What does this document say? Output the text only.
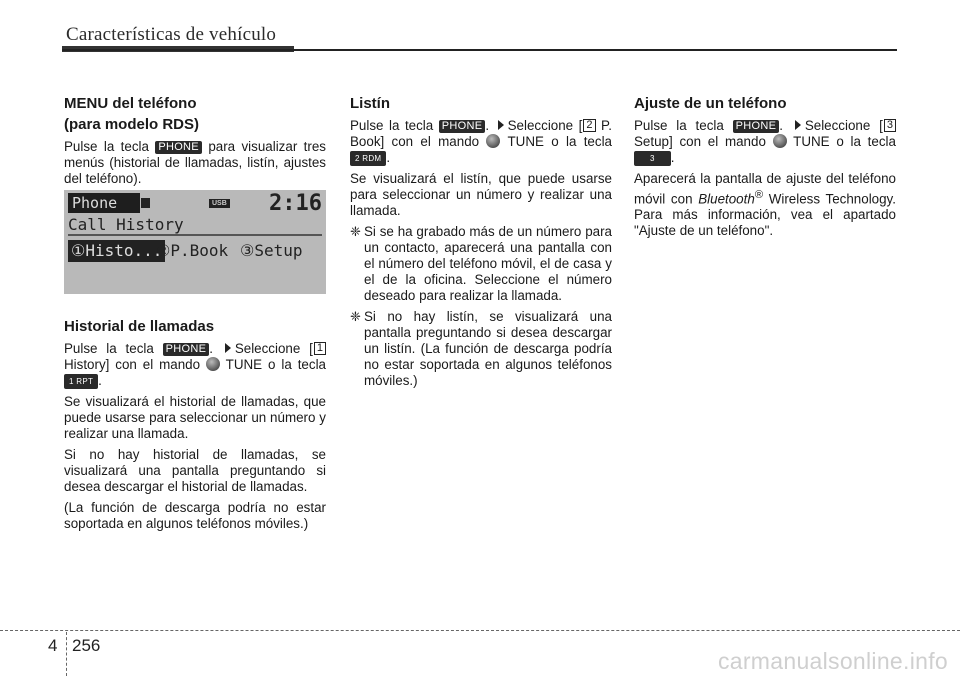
Características de vehículo
MENU del teléfono
(para modelo RDS)

Pulse la tecla PHONE para visualizar tres menús (historial de llamadas, listín, ajustes del teléfono).

Phone	USB 2:16
Call History
①Histo...
②P.Book ③Setup
Historial de llamadas

Pulse la tecla PHONE . Seleccione [ 1 History] con el mando TUNE o la tecla 1 RPT .

Se visualizará el historial de llamadas, que puede usarse para seleccionar un número y realizar una llamada.

Si no hay historial de llamadas, se visualizará una pantalla preguntando si desea descargar el historial de llamadas.

(La función de descarga podría no estar soportada en algunos teléfonos móviles.)

Listín

Pulse la tecla PHONE . Seleccione [ 2 P. Book] con el mando TUNE o la tecla 2 RDM .

Se visualizará el listín, que puede usarse para seleccionar un número y realizar una llamada.

❈ Si se ha grabado más de un número para un contacto, aparecerá una pantalla con el número del teléfono móvil, el de casa y el de la oficina. Seleccione el número deseado para realizar la llamada.
❈ Si no hay listín, se visualizará una pantalla preguntando si desea descargar un listín. (La función de descarga podría no estar soportada en algunos teléfonos móviles.)
Ajuste de un teléfono

Pulse la tecla PHONE . Seleccione [ 3 Setup] con el mando TUNE o la tecla 3 .

Aparecerá la pantalla de ajuste del teléfono móvil con Bluetooth® Wireless Technology. Para más información, vea el apartado "Ajuste de un teléfono".

4 256
carmanualsonline.info
